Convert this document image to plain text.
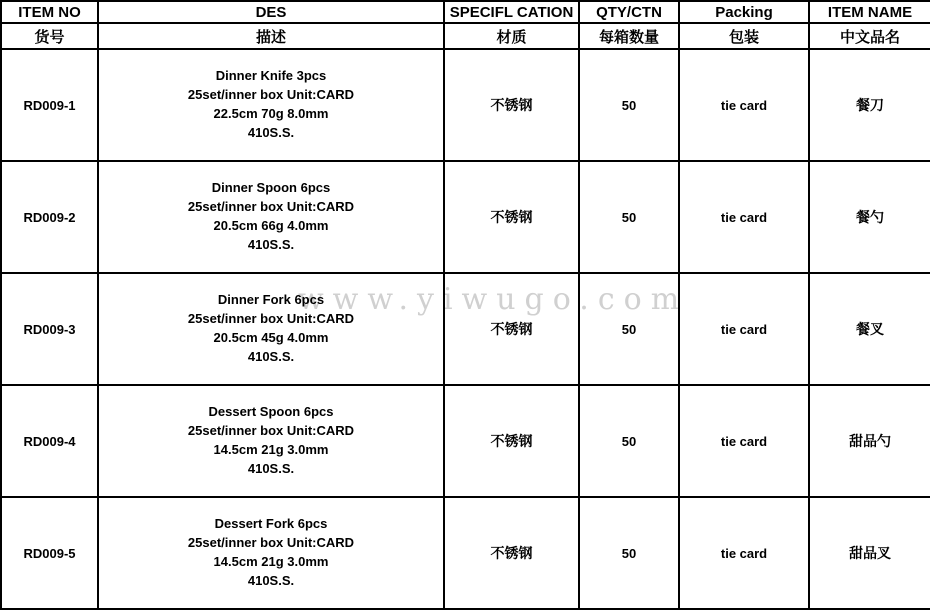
www.yiwugo.com
ITEM NO	DES	SPECIFL CATION	QTY/CTN	Packing	ITEM NAME
货号	描述	材质	每箱数量	包装	中文品名
RD009-1	Dinner Knife 3pcs
25set/inner box Unit:CARD
22.5cm 70g 8.0mm
410S.S.	不锈钢	50	tie card	餐刀
RD009-2	Dinner Spoon 6pcs
25set/inner box Unit:CARD
20.5cm 66g 4.0mm
410S.S.	不锈钢	50	tie card	餐勺
RD009-3	Dinner Fork 6pcs
25set/inner box Unit:CARD
20.5cm 45g 4.0mm
410S.S.	不锈钢	50	tie card	餐叉
RD009-4	Dessert Spoon 6pcs
25set/inner box Unit:CARD
14.5cm 21g 3.0mm
410S.S.	不锈钢	50	tie card	甜品勺
RD009-5	Dessert Fork 6pcs
25set/inner box Unit:CARD
14.5cm 21g 3.0mm
410S.S.	不锈钢	50	tie card	甜品叉
